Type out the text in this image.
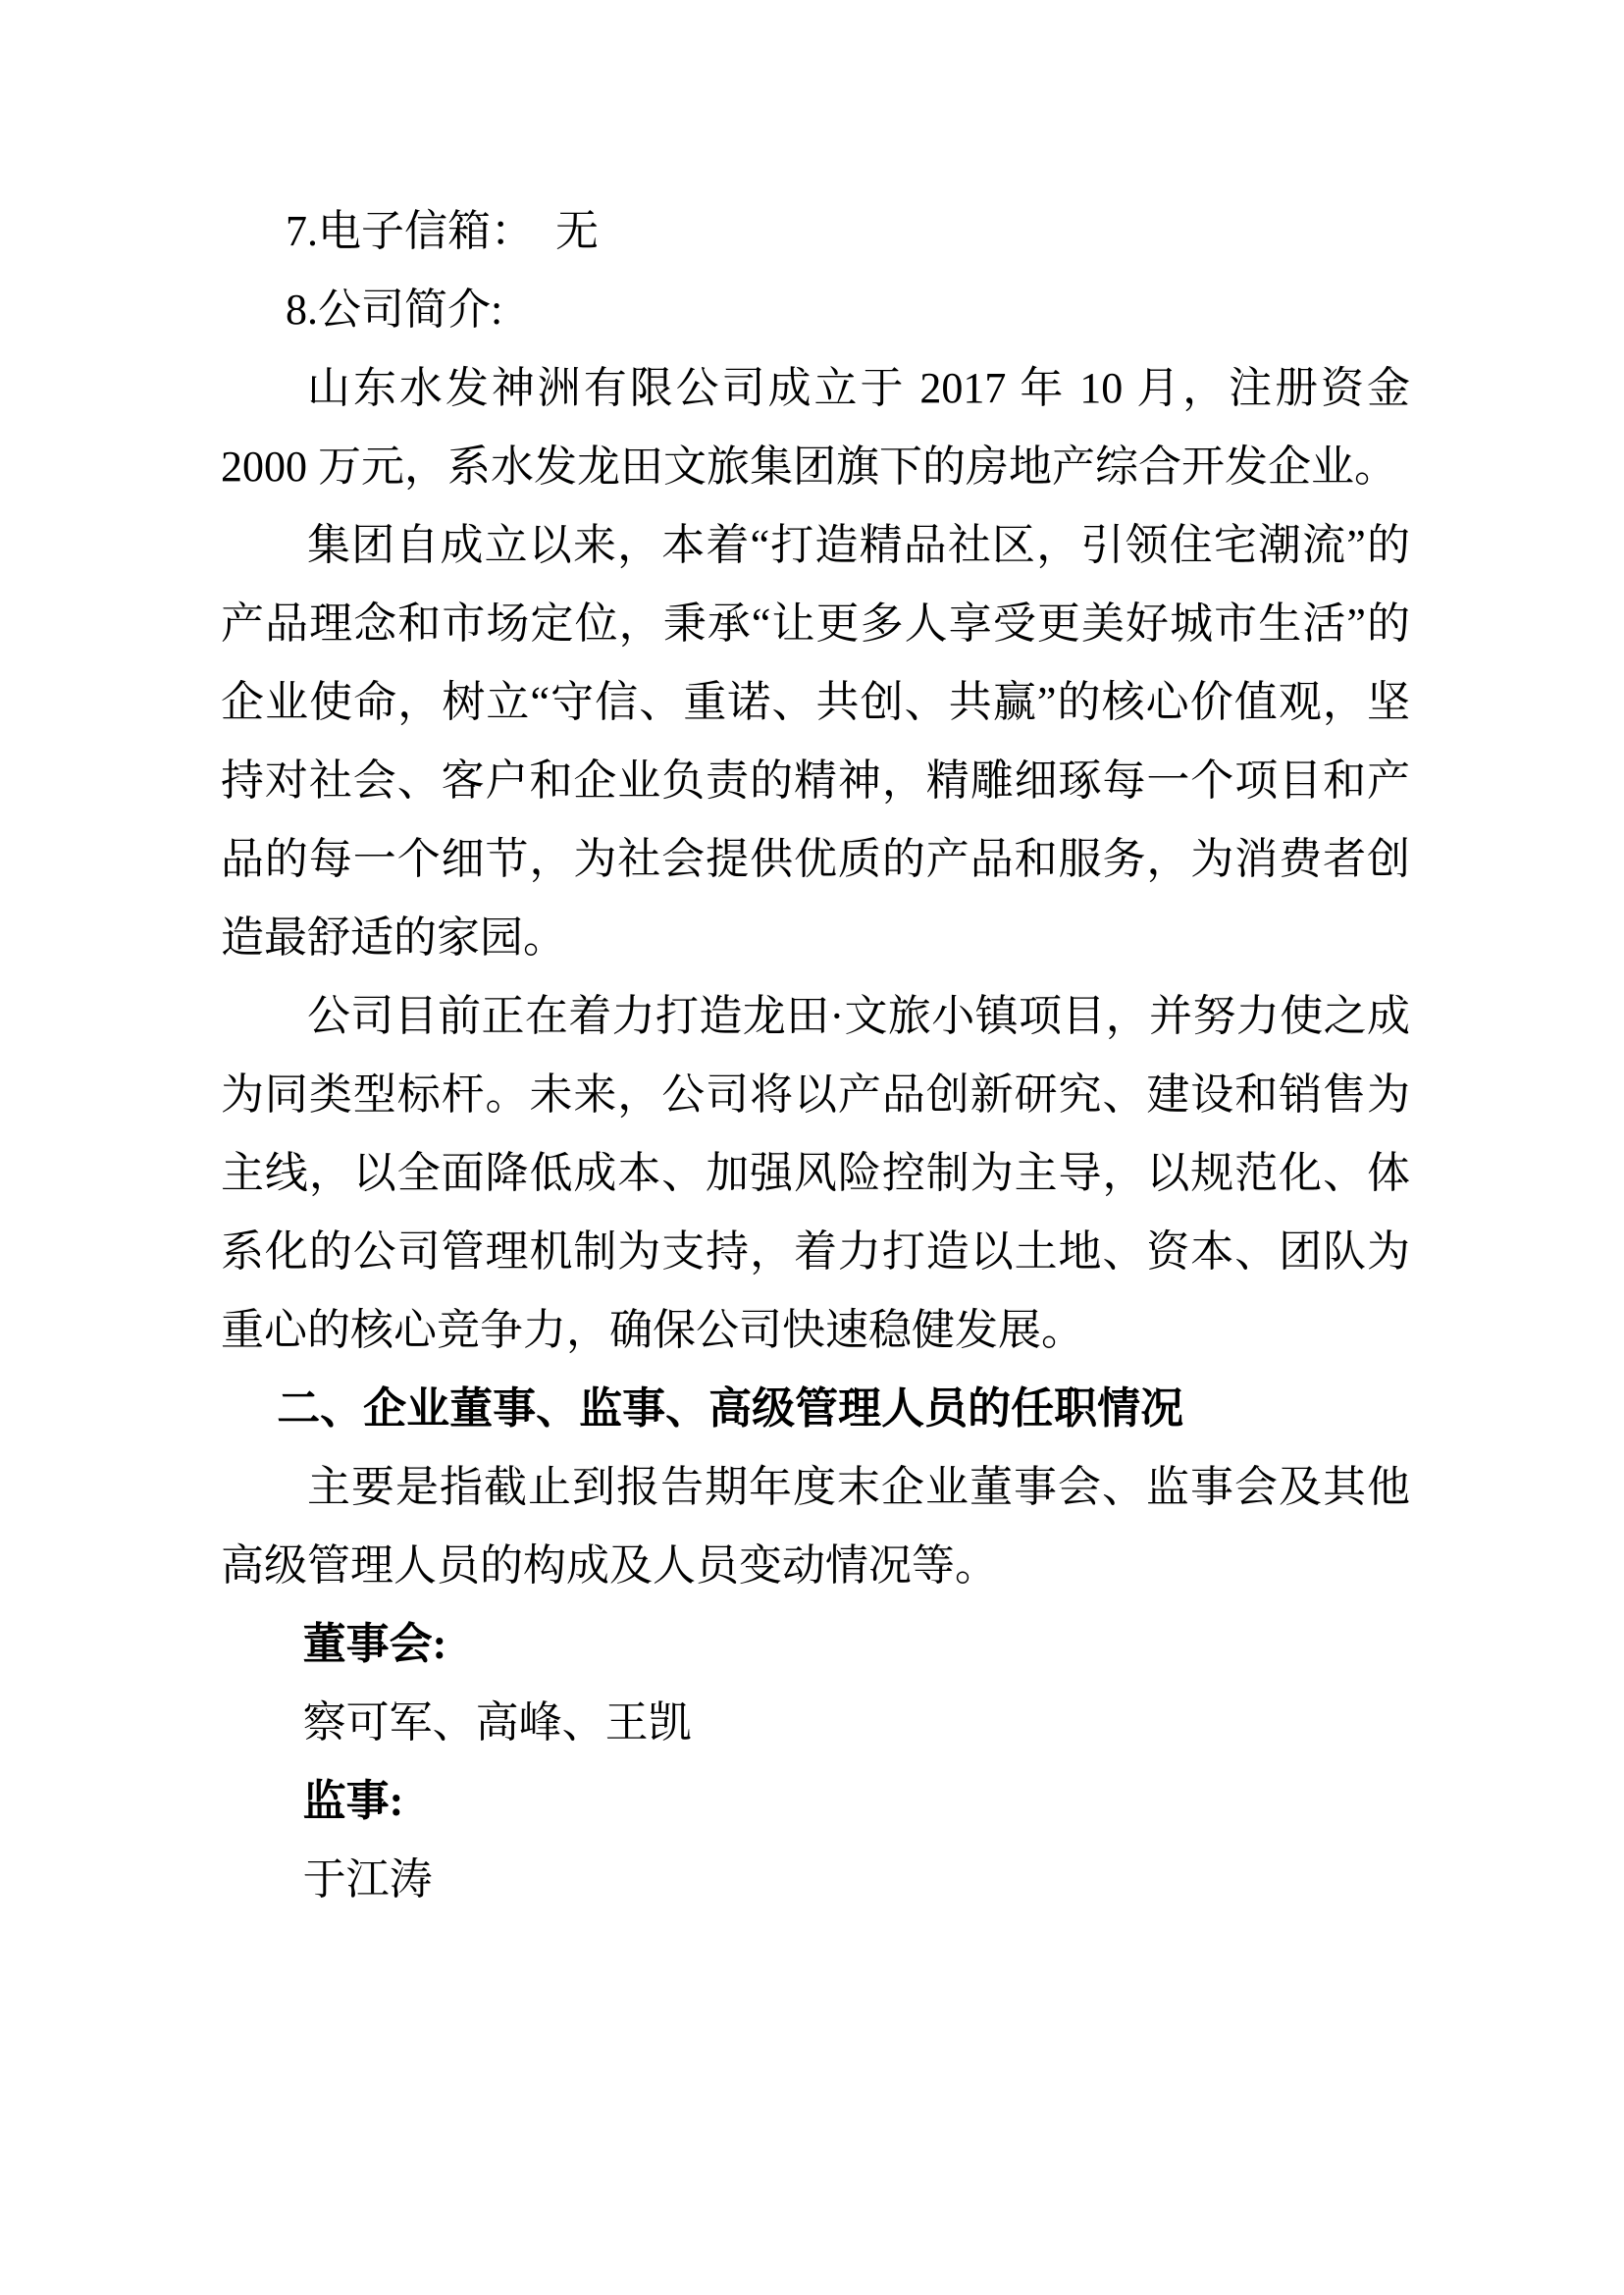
7.电子信箱：　无

8.公司简介:

山东水发神洲有限公司成立于 2017 年 10 月，注册资金 2000 万元，系水发龙田文旅集团旗下的房地产综合开发企业。

集团自成立以来，本着“打造精品社区，引领住宅潮流”的产品理念和市场定位，秉承“让更多人享受更美好城市生活”的企业使命，树立“守信、重诺、共创、共赢”的核心价值观，坚持对社会、客户和企业负责的精神，精雕细琢每一个项目和产品的每一个细节，为社会提供优质的产品和服务，为消费者创造最舒适的家园。

公司目前正在着力打造龙田·文旅小镇项目，并努力使之成为同类型标杆。未来，公司将以产品创新研究、建设和销售为主线，以全面降低成本、加强风险控制为主导，以规范化、体系化的公司管理机制为支持，着力打造以土地、资本、团队为重心的核心竞争力，确保公司快速稳健发展。

二、企业董事、监事、高级管理人员的任职情况

主要是指截止到报告期年度末企业董事会、监事会及其他高级管理人员的构成及人员变动情况等。

董事会:

察可军、高峰、王凯

监事:

于江涛
